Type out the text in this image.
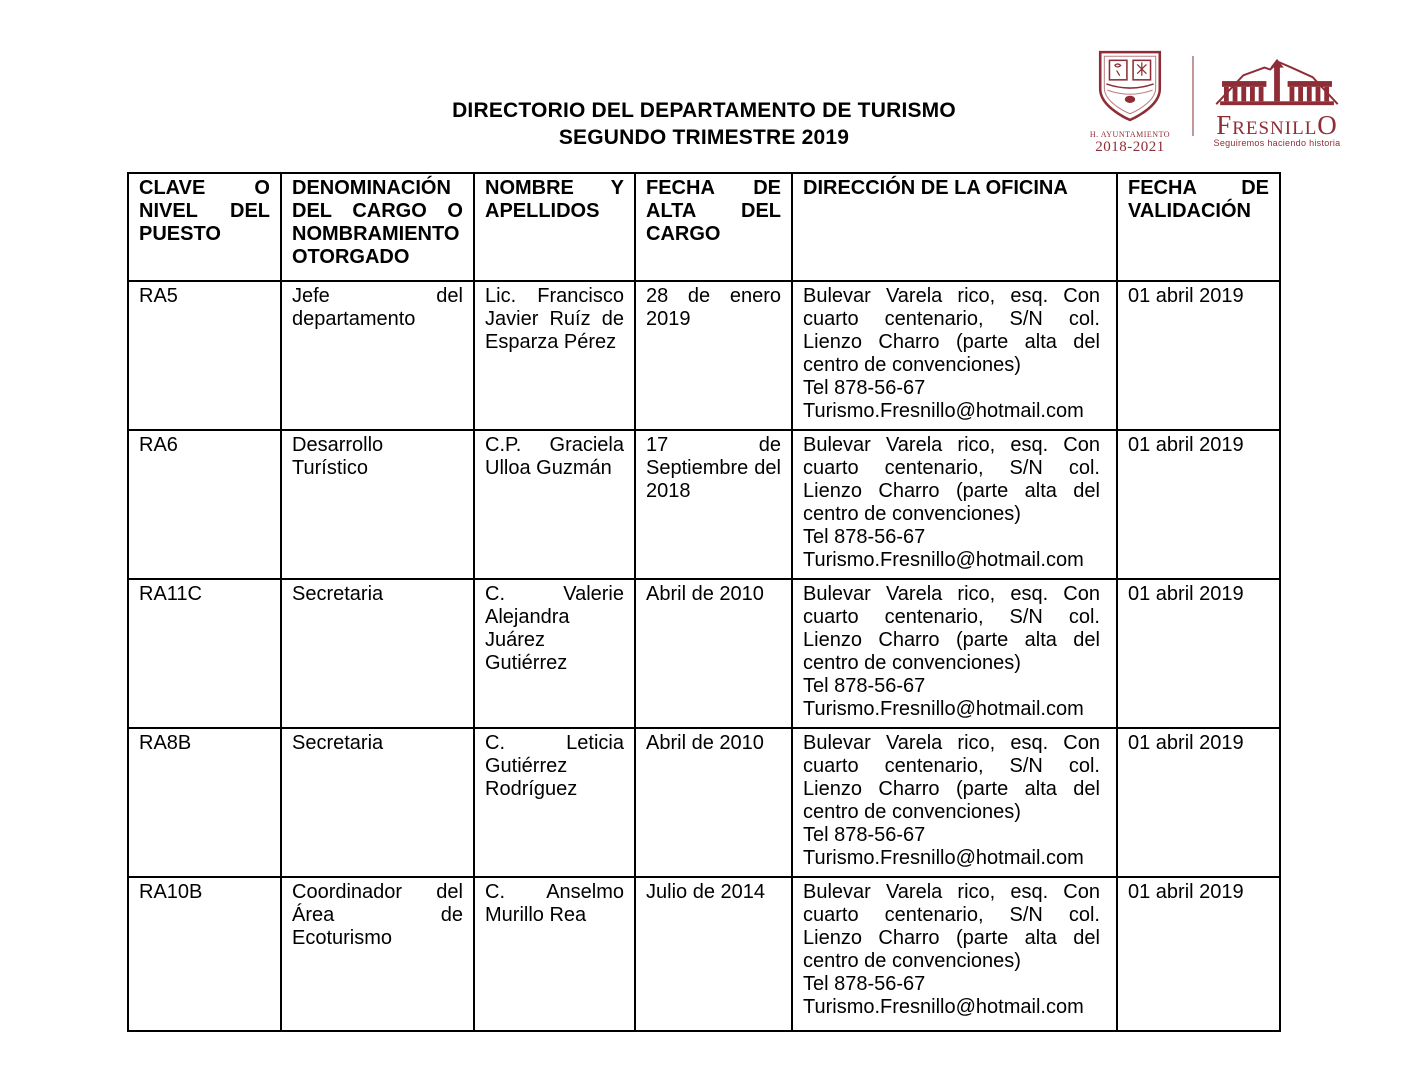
DIRECTORIO DEL DEPARTAMENTO DE TURISMO
SEGUNDO TRIMESTRE 2019	H. AYUNTAMIENTO
2018-2021
FresnillO
Seguiremos haciendo historia
CLAVE O NIVEL DEL PUESTO	DENOMINACIÓN DEL CARGO O NOMBRAMIENTO OTORGADO	NOMBRE Y APELLIDOS	FECHA DE ALTA DEL CARGO	DIRECCIÓN DE LA OFICINA	FECHA DE VALIDACIÓN
RA5	Jefe del departamento	Lic. Francisco Javier Ruíz de Esparza Pérez	28 de enero 2019	Bulevar Varela rico, esq. Con cuarto centenario, S/N col. Lienzo Charro (parte alta del centro de convenciones)
Tel 878-56-67
Turismo.Fresnillo@hotmail.com	01 abril 2019
RA6	Desarrollo Turístico	C.P. Graciela Ulloa Guzmán	17 de Septiembre del 2018	Bulevar Varela rico, esq. Con cuarto centenario, S/N col. Lienzo Charro (parte alta del centro de convenciones)
Tel 878-56-67
Turismo.Fresnillo@hotmail.com	01 abril 2019
RA11C	Secretaria	C. Valerie Alejandra Juárez Gutiérrez	Abril de 2010	Bulevar Varela rico, esq. Con cuarto centenario, S/N col. Lienzo Charro (parte alta del centro de convenciones)
Tel 878-56-67
Turismo.Fresnillo@hotmail.com	01 abril 2019
RA8B	Secretaria	C. Leticia Gutiérrez Rodríguez	Abril de 2010	Bulevar Varela rico, esq. Con cuarto centenario, S/N col. Lienzo Charro (parte alta del centro de convenciones)
Tel 878-56-67
Turismo.Fresnillo@hotmail.com	01 abril 2019
RA10B	Coordinador del Área de Ecoturismo	C. Anselmo Murillo Rea	Julio de 2014	Bulevar Varela rico, esq. Con cuarto centenario, S/N col. Lienzo Charro (parte alta del centro de convenciones)
Tel 878-56-67
Turismo.Fresnillo@hotmail.com	01 abril 2019
